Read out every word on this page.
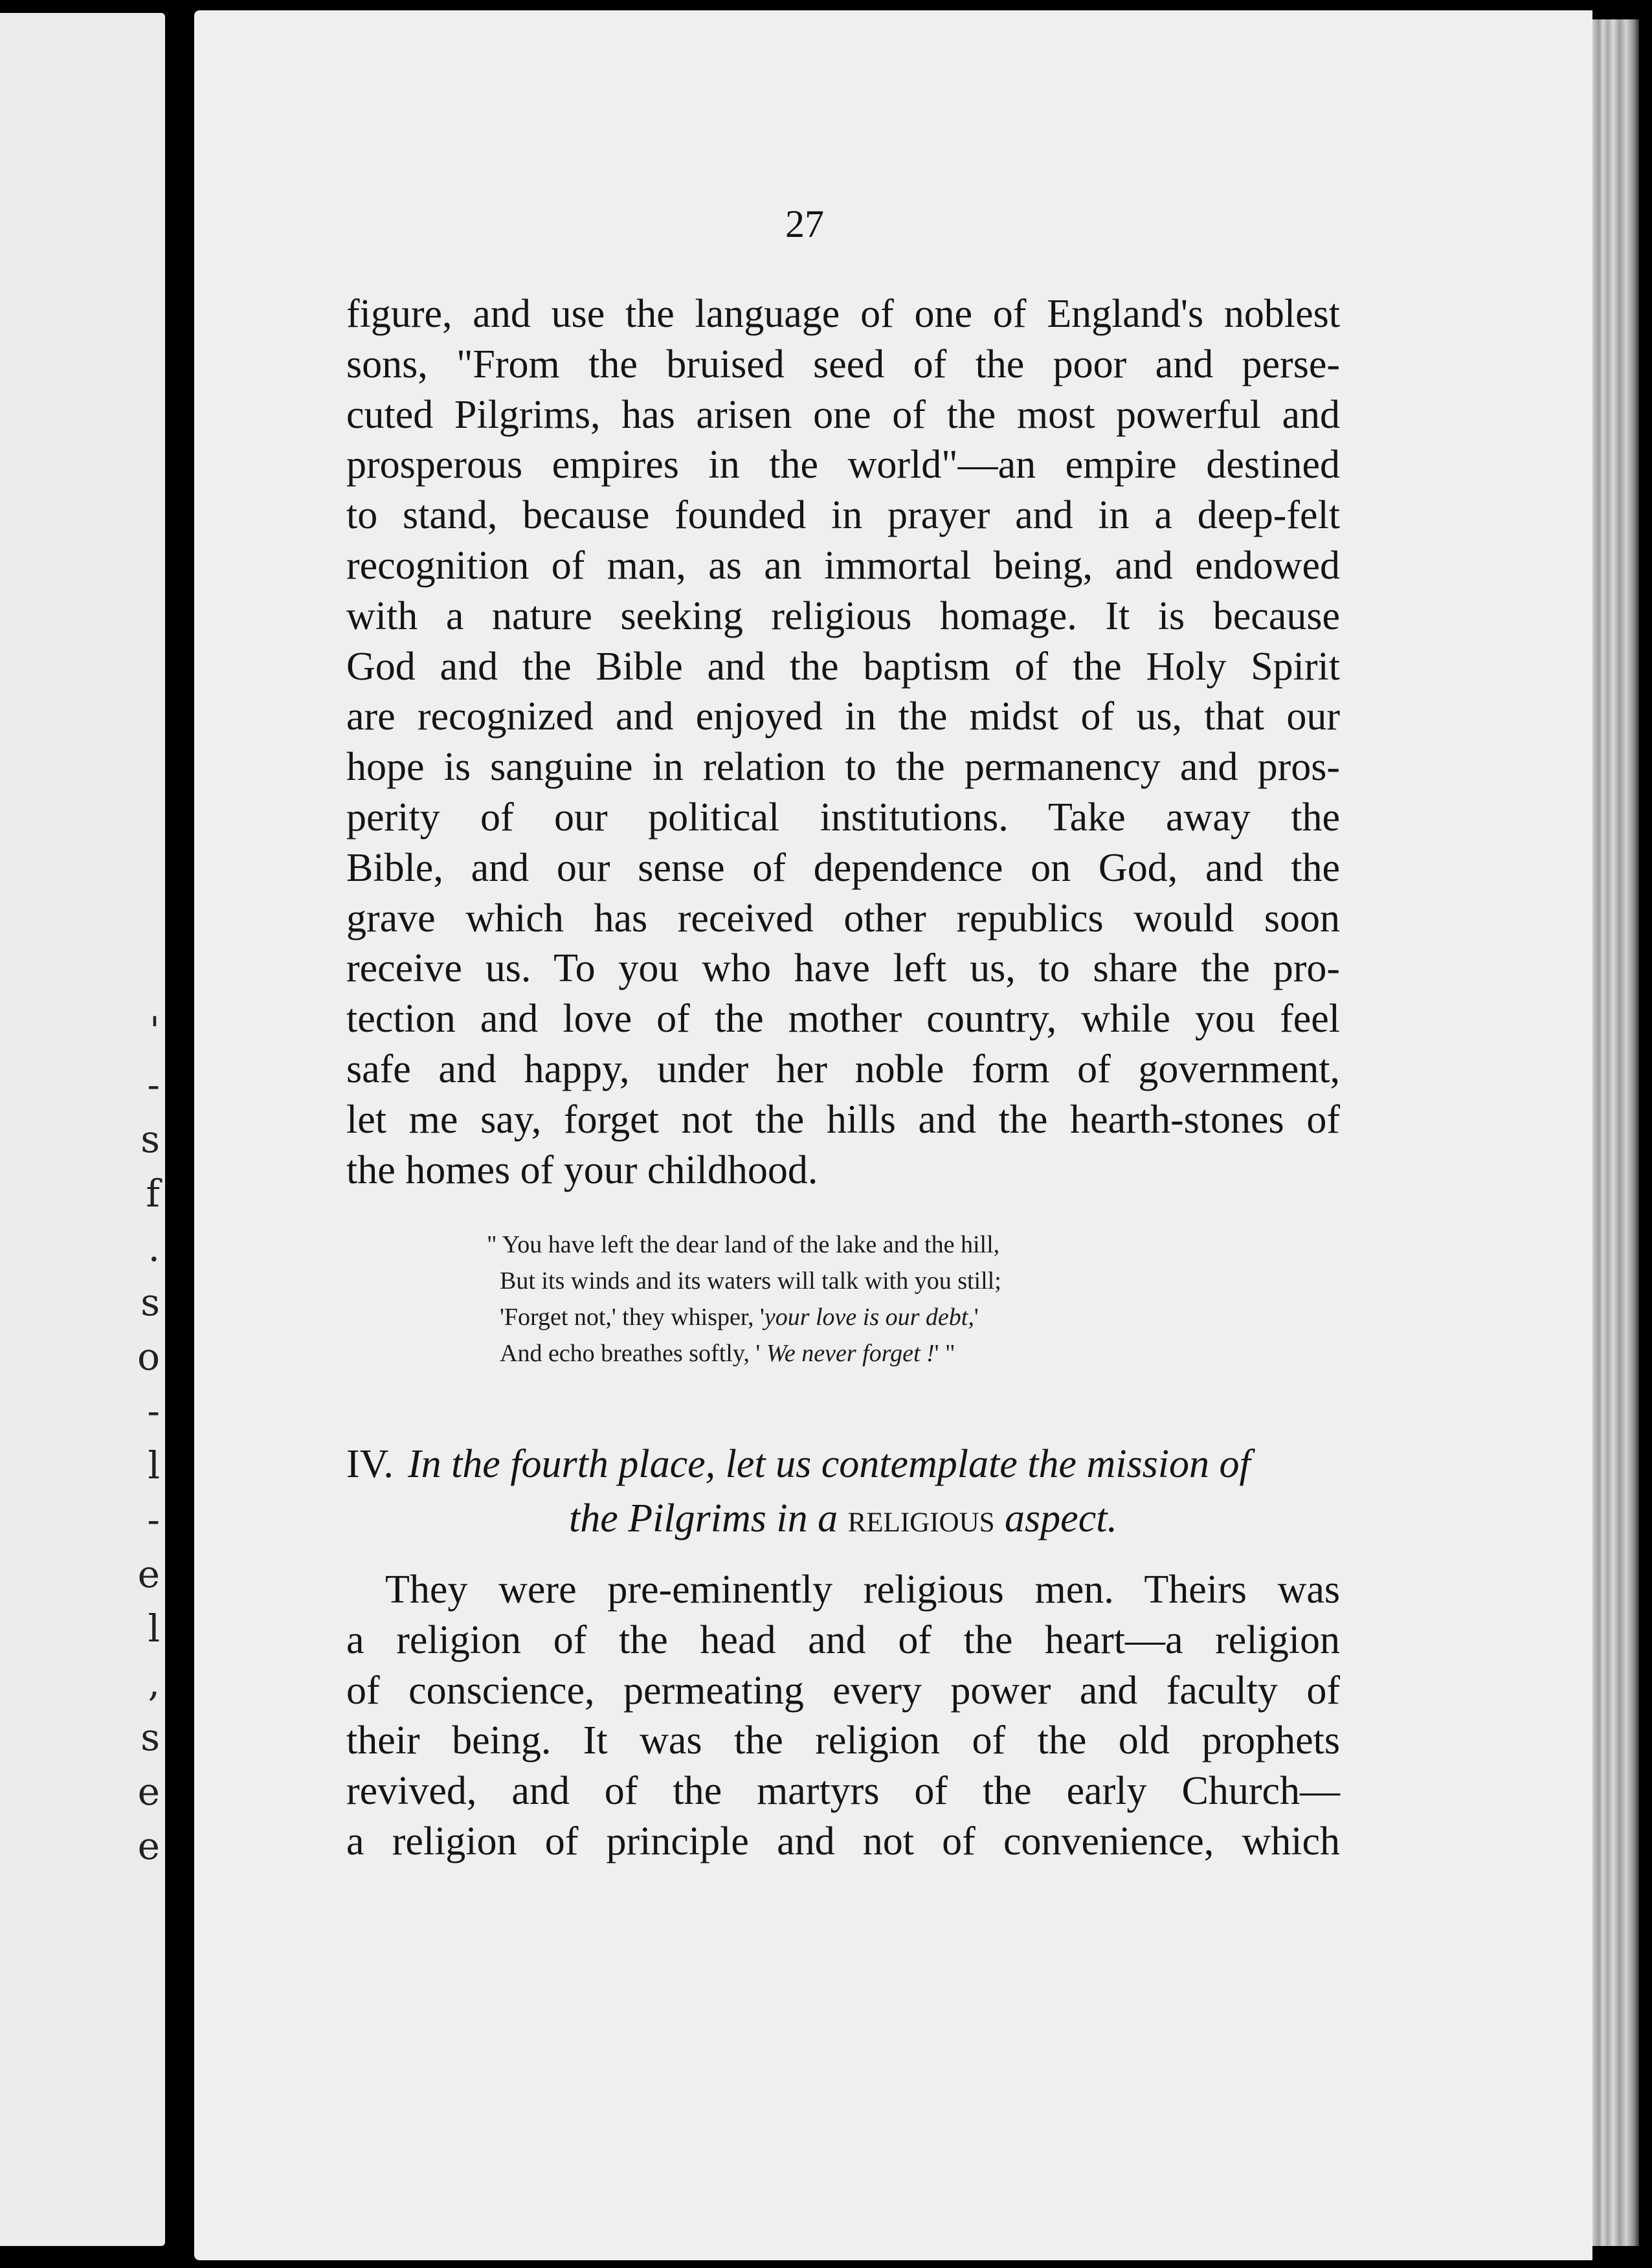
'
-
s
f
.
s
o
-
l
-
e
l
,
s
e
e
27

figure, and use the language of one of England's noblest
sons, "From the bruised seed of the poor and perse-
cuted Pilgrims, has arisen one of the most powerful and
prosperous empires in the world"—an empire destined
to stand, because founded in prayer and in a deep-felt
recognition of man, as an immortal being, and endowed
with a nature seeking religious homage. It is because
God and the Bible and the baptism of the Holy Spirit
are recognized and enjoyed in the midst of us, that our
hope is sanguine in relation to the permanency and pros-
perity of our political institutions. Take away the
Bible, and our sense of dependence on God, and the
grave which has received other republics would soon
receive us. To you who have left us, to share the pro-
tection and love of the mother country, while you feel
safe and happy, under her noble form of government,
let me say, forget not the hills and the hearth-stones of
the homes of your childhood.

" You have left the dear land of the lake and the hill,
But its winds and its waters will talk with you still;
'Forget not,' they whisper, 'your love is our debt,'
And echo breathes softly, ' We never forget !' "
IV. In the fourth place, let us contemplate the mission of
the Pilgrims in a religious aspect.

They were pre-eminently religious men. Theirs was
a religion of the head and of the heart—a religion
of conscience, permeating every power and faculty of
their being. It was the religion of the old prophets
revived, and of the martyrs of the early Church—
a religion of principle and not of convenience, which
